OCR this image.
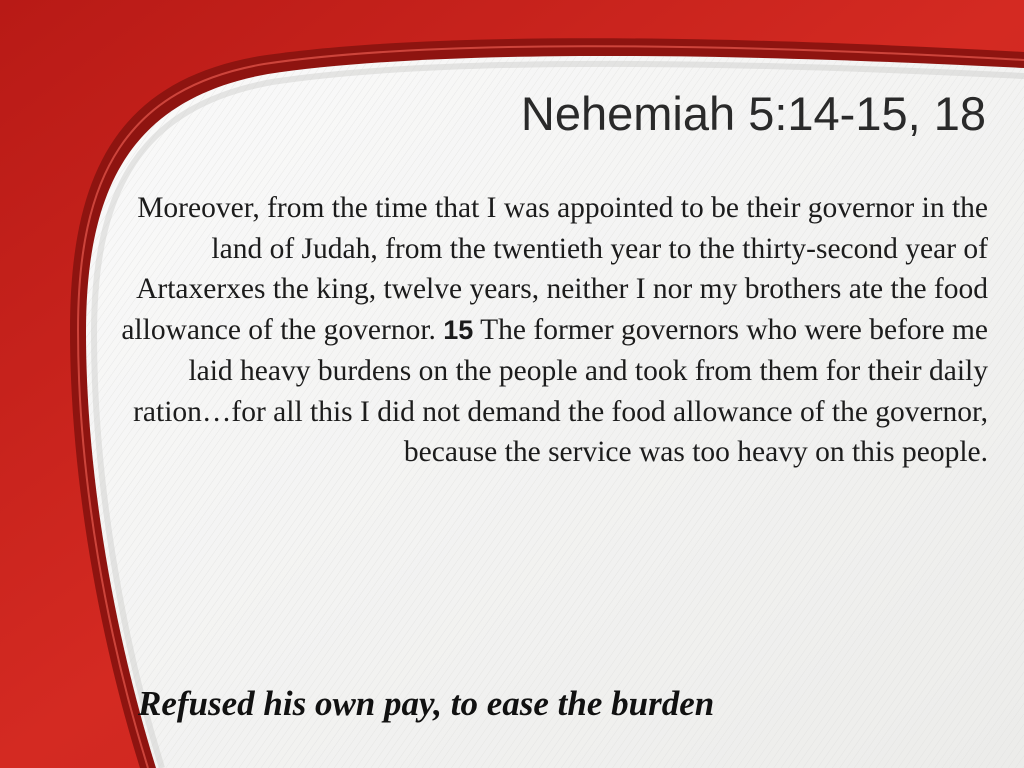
Nehemiah 5:14-15, 18

Moreover, from the time that I was appointed to be their governor in the land of Judah, from the twentieth year to the thirty-second year of Artaxerxes the king, twelve years, neither I nor my brothers ate the food allowance of the governor. 15 The former governors who were before me laid heavy burdens on the people and took from them for their daily ration…for all this I did not demand the food allowance of the governor, because the service was too heavy on this people.

Refused his own pay, to ease the burden
